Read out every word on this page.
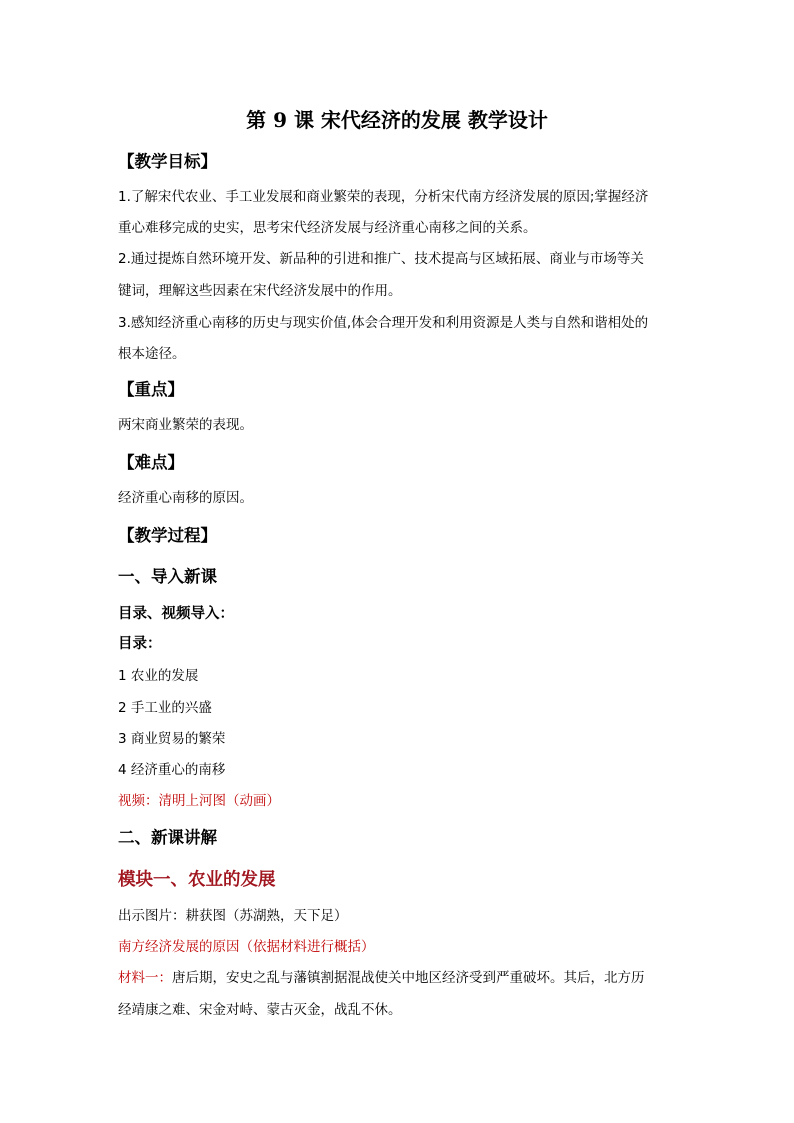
第 9 课 宋代经济的发展 教学设计
【教学目标】
1.了解宋代农业、手工业发展和商业繁荣的表现，分析宋代南方经济发展的原因;掌握经济
重心难移完成的史实，思考宋代经济发展与经济重心南移之间的关系。
2.通过提炼自然环境开发、新品种的引进和推广、技术提高与区域拓展、商业与市场等关
键词，理解这些因素在宋代经济发展中的作用。
3.感知经济重心南移的历史与现实价值,体会合理开发和利用资源是人类与自然和谐相处的
根本途径。
【重点】
两宋商业繁荣的表现。
【难点】
经济重心南移的原因。
【教学过程】
一、导入新课
目录、视频导入：
目录：
1 农业的发展
2 手工业的兴盛
3 商业贸易的繁荣
4 经济重心的南移
视频：清明上河图（动画）
二、新课讲解
模块一、农业的发展
出示图片：耕获图（苏湖熟，天下足）
南方经济发展的原因（依据材料进行概括）
材料一：唐后期，安史之乱与藩镇割据混战使关中地区经济受到严重破坏。其后，北方历
经靖康之难、宋金对峙、蒙古灭金，战乱不休。
